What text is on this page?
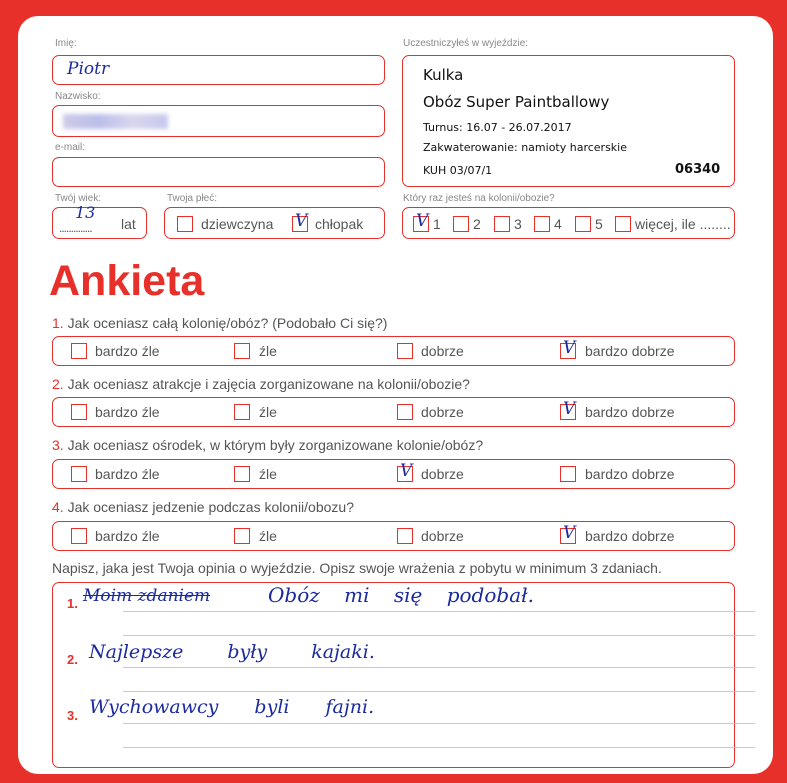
Imię:
Piotr
Nazwisko:
e-mail:
Twój wiek:
..............
13
lat
Twoja płeć:
dziewczyna V chłopak
Uczestniczyłeś w wyjeździe:
Kulka
Obóz Super Paintballowy
Turnus: 16.07 - 26.07.2017
Zakwaterowanie: namioty harcerskie
KUH 03/07/1	06340
Który raz jesteś na kolonii/obozie?
V 1 2 3 4 5 więcej, ile ........
Ankieta
1. Jak oceniasz całą kolonię/obóz? (Podobało Ci się?)
bardzo źle	źle	dobrze	V bardzo dobrze
2. Jak oceniasz atrakcje i zajęcia zorganizowane na kolonii/obozie?
bardzo źle	źle	dobrze	V bardzo dobrze
3. Jak oceniasz ośrodek, w którym były zorganizowane kolonie/obóz?
bardzo źle	źle	V dobrze	bardzo dobrze
4. Jak oceniasz jedzenie podczas kolonii/obozu?
bardzo źle	źle	dobrze	V bardzo dobrze
Napisz, jaka jest Twoja opinia o wyjeździe. Opisz swoje wrażenia z pobytu w minimum 3 zdaniach.
1. Moim zdaniem	Obóz mi się podobał.
2. Najlepsze były kajaki.
3. Wychowawcy byli fajni.
